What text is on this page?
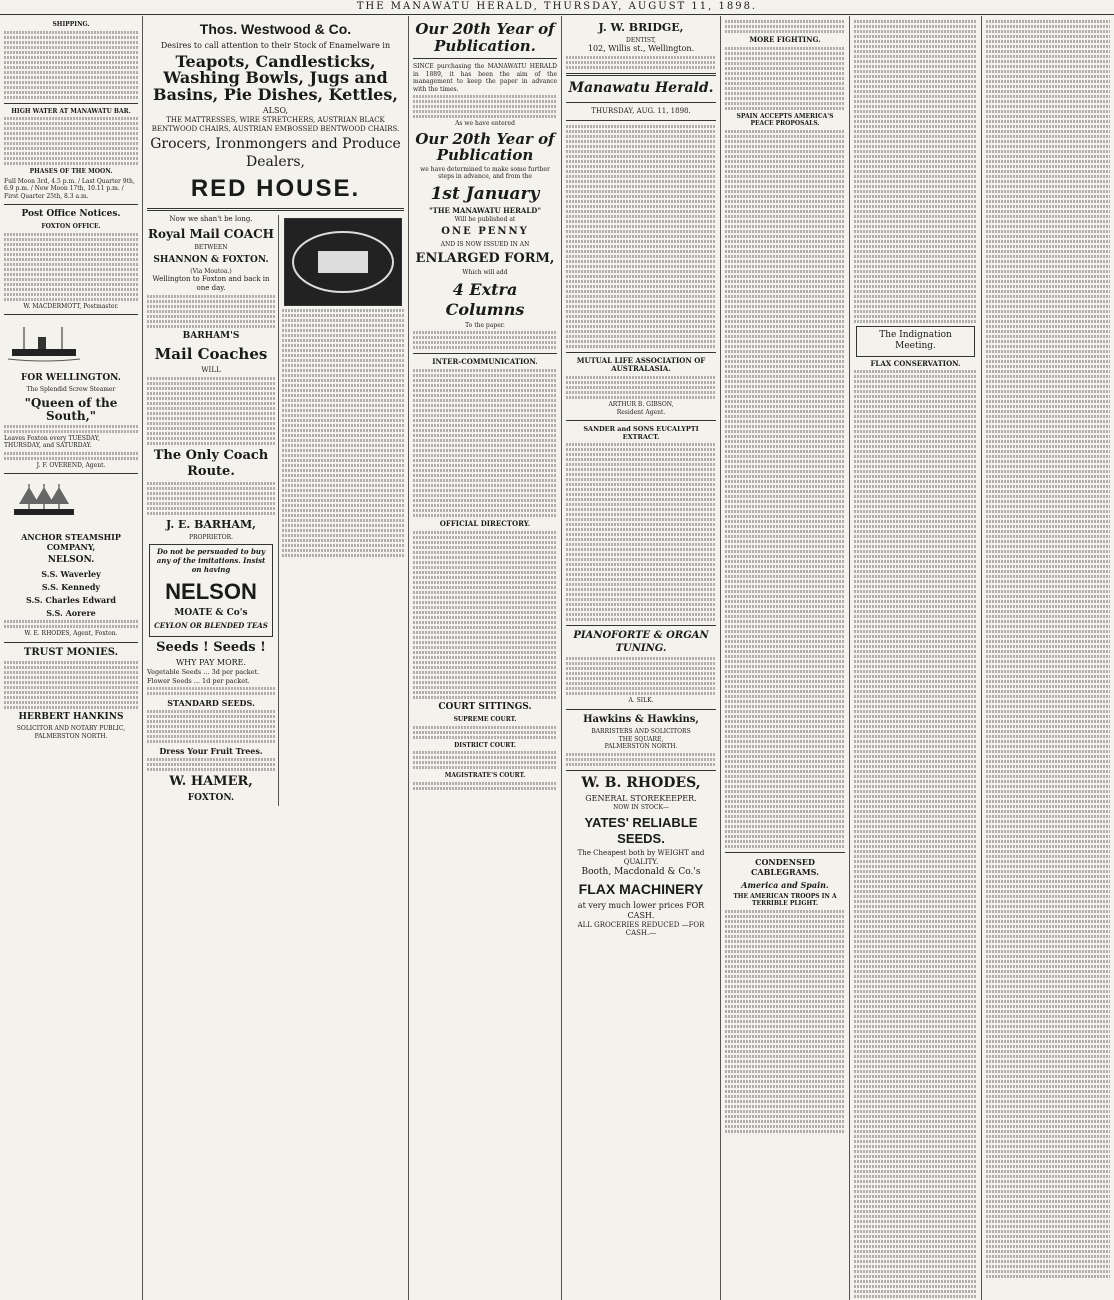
THE MANAWATU HERALD, THURSDAY, AUGUST 11, 1898.
SHIPPING.
HIGH WATER AT MANAWATU BAR.
PHASES OF THE MOON.
Full Moon 3rd, 4.5 p.m. / Last Quarter 9th, 6.9 p.m. / New Moon 17th, 10.11 p.m. / First Quarter 25th, 8.3 a.m.
Post Office Notices.
FOXTON OFFICE.
W. MACDERMOTT, Postmaster.
FOR WELLINGTON.
The Splendid Screw Steamer
"Queen of the South,"
Leaves Foxton every TUESDAY, THURSDAY, and SATURDAY.
J. F. OVEREND, Agent.
ANCHOR STEAMSHIP COMPANY,
NELSON.
S.S. Waverley
S.S. Kennedy
S.S. Charles Edward
S.S. Aorere
W. E. RHODES, Agent, Foxton.
TRUST MONIES.
HERBERT HANKINS
SOLICITOR AND NOTARY PUBLIC, PALMERSTON NORTH.
Thos. Westwood & Co.
Desires to call attention to their Stock of Enamelware in
Teapots, Candlesticks, Washing Bowls, Jugs and Basins, Pie Dishes, Kettles,
ALSO,
THE MATTRESSES, WIRE STRETCHERS, AUSTRIAN BLACK BENTWOOD CHAIRS, AUSTRIAN EMBOSSED BENTWOOD CHAIRS.
Grocers, Ironmongers and Produce Dealers,
RED HOUSE.
Now we shan't be long.
Royal Mail COACH
BETWEEN
SHANNON & FOXTON.
(Via Moutoa.)
Wellington to Foxton and back in one day.
BARHAM'S
Mail Coaches
WILL
The Only Coach Route.
J. E. BARHAM,
PROPRIETOR.
Do not be persuaded to buy any of the imitations. Insist on having
NELSON
MOATE & Co's
CEYLON OR BLENDED TEAS
Seeds ! Seeds !
WHY PAY MORE.
Vegetable Seeds ... 3d per packet.
Flower Seeds ... 1d per packet.
STANDARD SEEDS.
Dress Your Fruit Trees.
W. HAMER,
FOXTON.
Our 20th Year of Publication.
SINCE purchasing the MANAWATU HERALD in 1889, it has been the aim of the management to keep the paper in advance with the times.
As we have entered
Our 20th Year of Publication
we have determined to make some further steps in advance, and from the
1st January
"THE MANAWATU HERALD"
Will be published at
ONE PENNY
AND IS NOW ISSUED IN AN
ENLARGED FORM,
Which will add
4 Extra Columns
To the paper.
INTER-COMMUNICATION.
OFFICIAL DIRECTORY.
COURT SITTINGS.
SUPREME COURT.
DISTRICT COURT.
MAGISTRATE'S COURT.
J. W. BRIDGE,
DENTIST,
102, Willis st., Wellington.
Manawatu Herald.
THURSDAY, AUG. 11, 1898.
MUTUAL LIFE ASSOCIATION OF AUSTRALASIA.
ARTHUR B. GIBSON,
Resident Agent.
SANDER and SONS EUCALYPTI EXTRACT.
PIANOFORTE & ORGAN TUNING.
A. SILK.
Hawkins & Hawkins,
BARRISTERS AND SOLICITORS
THE SQUARE,
PALMERSTON NORTH.
W. B. RHODES,
GENERAL STOREKEEPER.
NOW IN STOCK—
YATES' RELIABLE SEEDS.
The Cheapest both by WEIGHT and QUALITY.
Booth, Macdonald & Co.'s
FLAX MACHINERY
at very much lower prices FOR CASH.
ALL GROCERIES REDUCED —FOR CASH.—
MORE FIGHTING.
SPAIN ACCEPTS AMERICA'S PEACE PROPOSALS.
CONDENSED CABLEGRAMS.
America and Spain.
THE AMERICAN TROOPS IN A TERRIBLE PLIGHT.
The Indignation Meeting.
FLAX CONSERVATION.
